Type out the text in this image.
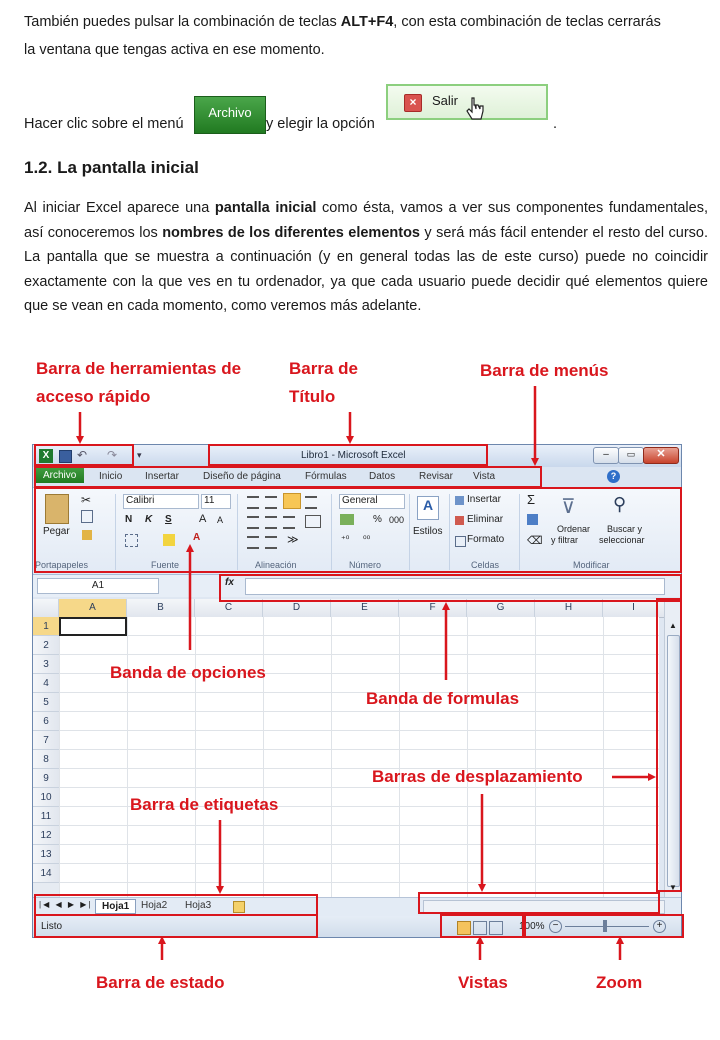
También puedes pulsar la combinación de teclas ALT+F4, con esta combinación de teclas cerrarás
la ventana que tengas activa en ese momento.
Hacer clic sobre el menú
Archivo
y elegir la opción
×	Salir
.
1.2. La pantalla inicial
Al iniciar Excel aparece una pantalla inicial como ésta, vamos a ver sus componentes fundamentales, así conoceremos los nombres de los diferentes elementos y será más fácil entender el resto del curso. La pantalla que se muestra a continuación (y en general todas las de este curso) puede no coincidir exactamente con la que ves en tu ordenador, ya que cada usuario puede decidir qué elementos quiere que se vean en cada momento, como veremos más adelante.
Barra de herramientas de
acceso rápido
Barra de
Título
Barra de menús
X	↶ ↷ ▾	Libro1 - Microsoft Excel	–	▭	✕
Archivo	Inicio Insertar Diseño de página Fórmulas Datos Revisar Vista	?
Pegar
✂
Portapapeles
Calibri	11
N K S A A
A
Fuente
≫
Alineación
General
% 000
⁺⁰ ⁰⁰
Número
A
Estilos
Insertar
Eliminar
Formato
Celdas
Σ
⌫
⊽
Ordenar
y filtrar
⚲
Buscar y
seleccionar
Modificar
A1	fx
A	B	C	D	E	F	G	H	I
1
2
3
4
5
6
7
8
9
10
11
12
13
14
▲
▼
|◀ ◀ ▶ ▶| Hoja1	Hoja2 Hoja3
Listo	100% −	+
Banda de opciones
Banda de formulas
Barras de desplazamiento
Barra de etiquetas
Barra de estado	Vistas	Zoom
